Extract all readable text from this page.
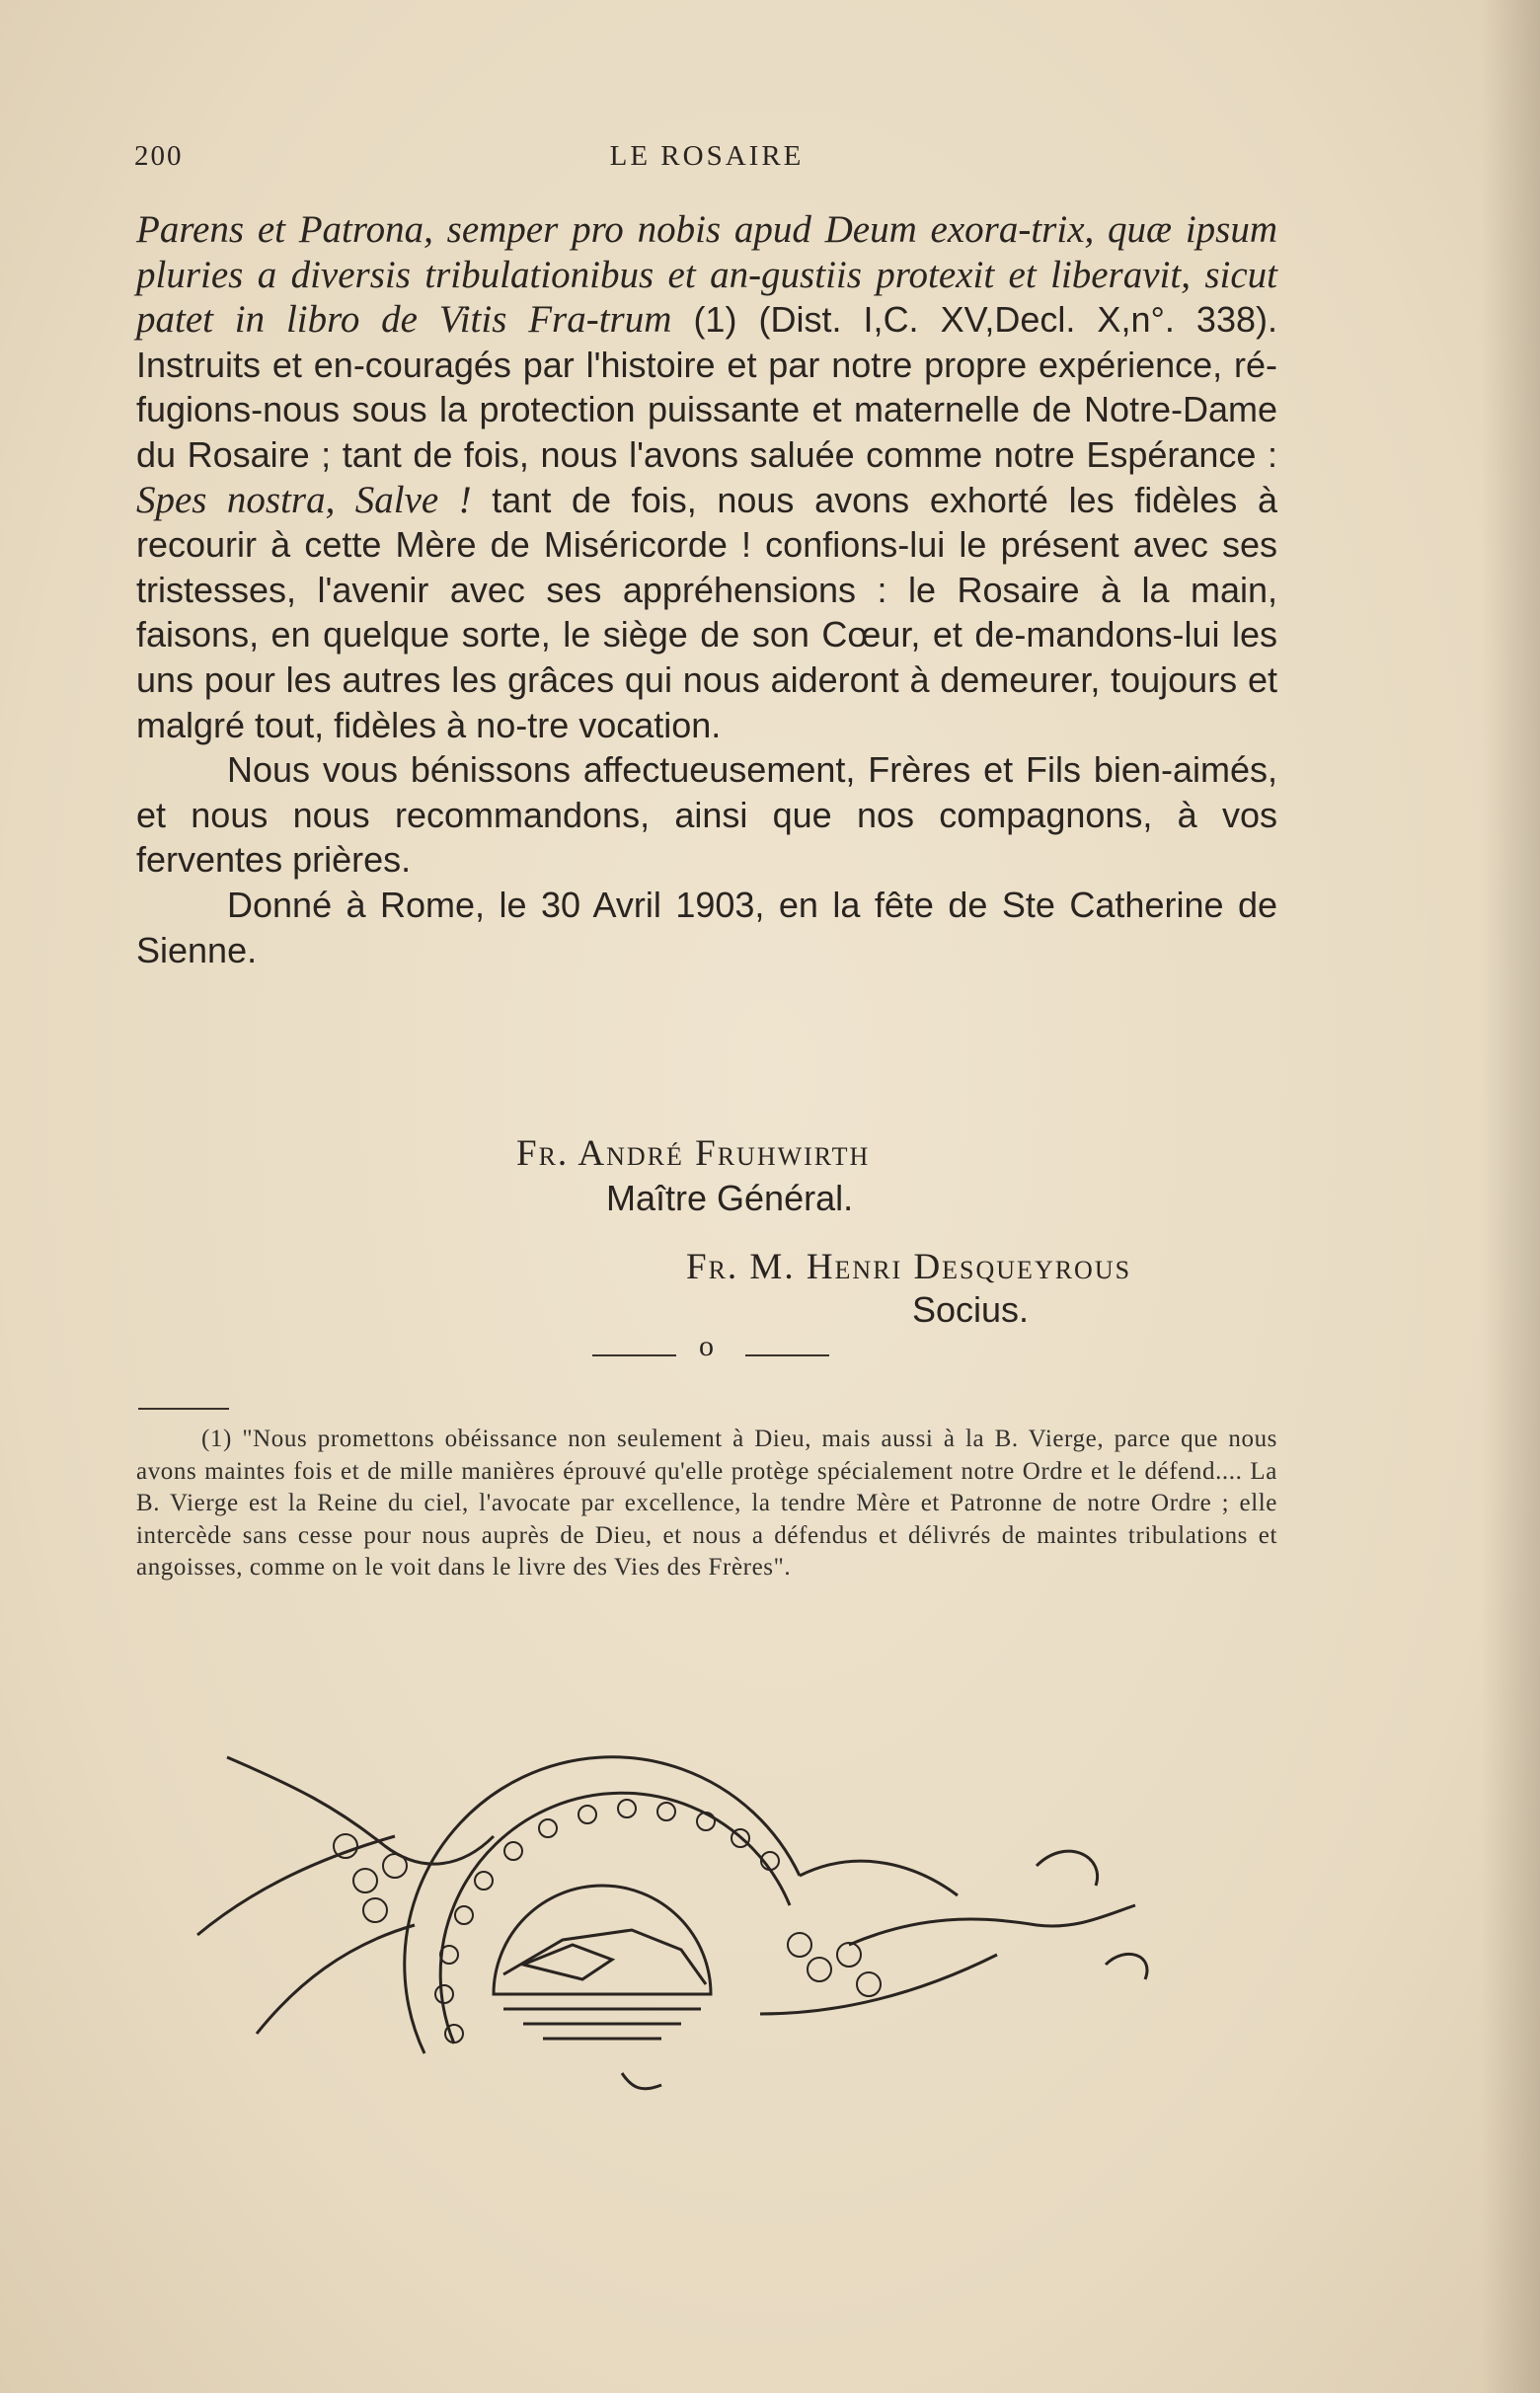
200	LE ROSAIRE

Parens et Patrona, semper pro nobis apud Deum exora-trix, quæ ipsum pluries a diversis tribulationibus et an-gustiis protexit et liberavit, sicut patet in libro de Vitis Fra-trum (1) (Dist. I,C. XV,Decl. X,n°. 338). Instruits et en-couragés par l'histoire et par notre propre expérience, ré-fugions-nous sous la protection puissante et maternelle de Notre-Dame du Rosaire ; tant de fois, nous l'avons saluée comme notre Espérance : Spes nostra, Salve ! tant de fois, nous avons exhorté les fidèles à recourir à cette Mère de Miséricorde ! confions-lui le présent avec ses tristesses, l'avenir avec ses appréhensions : le Rosaire à la main, faisons, en quelque sorte, le siège de son Cœur, et de-mandons-lui les uns pour les autres les grâces qui nous aideront à demeurer, toujours et malgré tout, fidèles à no-tre vocation.

Nous vous bénissons affectueusement, Frères et Fils bien-aimés, et nous nous recommandons, ainsi que nos compagnons, à vos ferventes prières.

Donné à Rome, le 30 Avril 1903, en la fête de Ste Catherine de Sienne.

Fr. André Fruhwirth
Maître Général.
Fr. M. Henri Desqueyrous
Socius.
o

(1) "Nous promettons obéissance non seulement à Dieu, mais aussi à la B. Vierge, parce que nous avons maintes fois et de mille manières éprouvé qu'elle protège spécialement notre Ordre et le défend.... La B. Vierge est la Reine du ciel, l'avocate par excellence, la tendre Mère et Patronne de notre Ordre ; elle intercède sans cesse pour nous auprès de Dieu, et nous a défendus et délivrés de maintes tribulations et angoisses, comme on le voit dans le livre des Vies des Frères".
